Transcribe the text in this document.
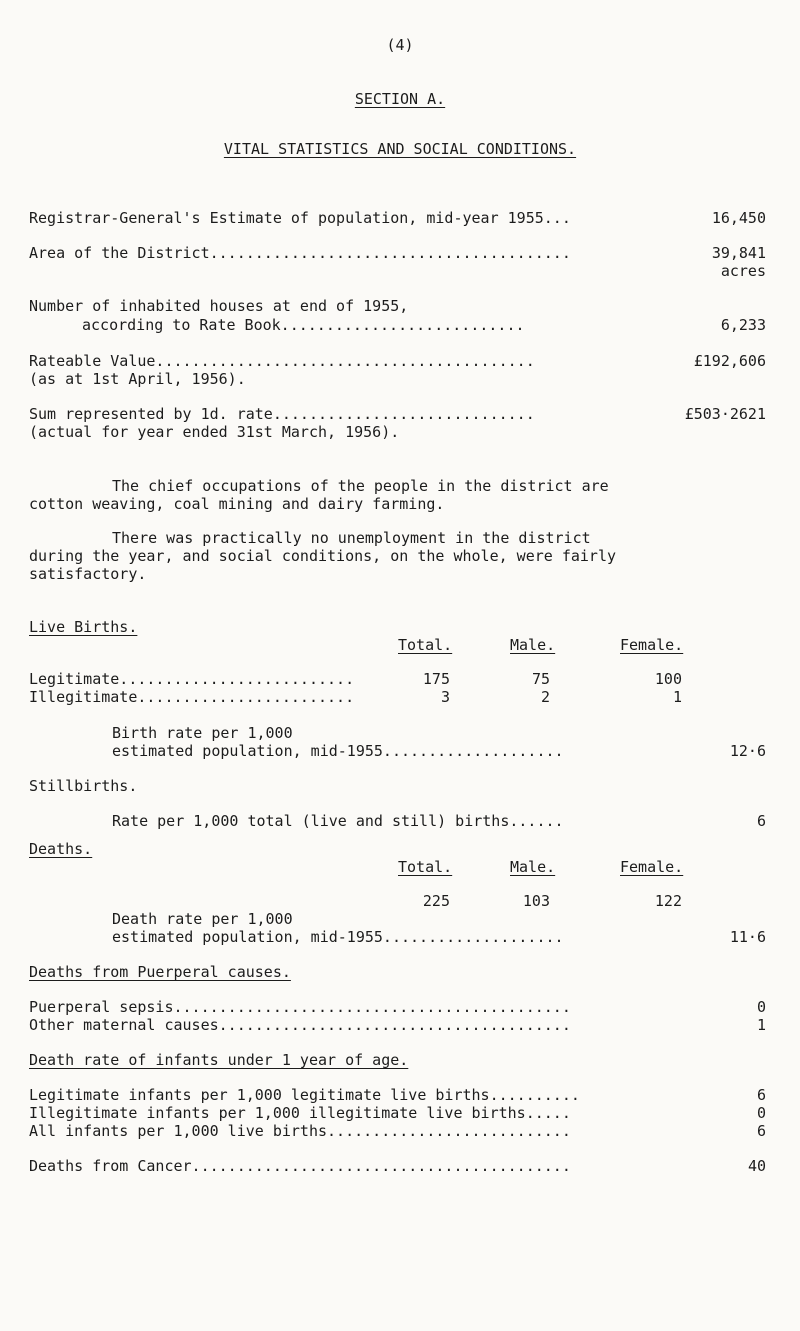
(4)
SECTION A.
VITAL STATISTICS AND SOCIAL CONDITIONS.
Registrar-General's Estimate of population, mid-year 1955...	16,450
Area of the District........................................	39,841
acres
Number of inhabited houses at end of 1955,
according to Rate Book...........................	6,233
Rateable Value..........................................	£192,606
(as at 1st April, 1956).
Sum represented by 1d. rate.............................	£503·2621
(actual for year ended 31st March, 1956).
The chief occupations of the people in the district are
cotton weaving, coal mining and dairy farming.
There was practically no unemployment in the district
during the year, and social conditions, on the whole, were fairly
satisfactory.
Live Births.
Total.	Male.	Female.
Legitimate..........................	175	75	100
Illegitimate........................	3	2	1
Birth rate per 1,000
estimated population, mid-1955....................	12·6
Stillbirths.
Rate per 1,000 total (live and still) births......	6
Deaths.
Total.	Male.	Female.
225	103	122
Death rate per 1,000
estimated population, mid-1955....................	11·6
Deaths from Puerperal causes.
Puerperal sepsis............................................	0
Other maternal causes.......................................	1
Death rate of infants under 1 year of age.
Legitimate infants per 1,000 legitimate live births..........	6
Illegitimate infants per 1,000 illegitimate live births.....	0
All infants per 1,000 live births...........................	6
Deaths from Cancer..........................................	40
